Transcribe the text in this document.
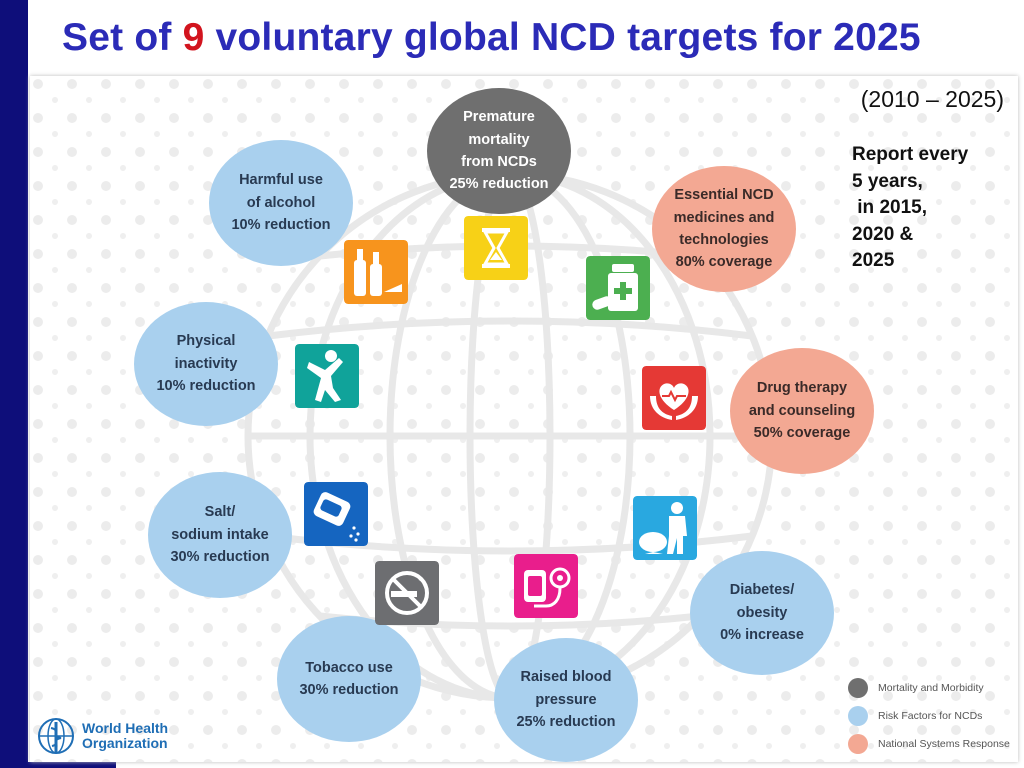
Set of 9 voluntary global NCD targets for 2025
Premature
mortality
from NCDs
25% reduction
Harmful use
of alcohol
10% reduction
Essential NCD
medicines and
technologies
80% coverage
Physical
inactivity
10% reduction	Drug therapy
and counseling
50% coverage
Salt/
sodium intake
30% reduction
Diabetes/
obesity
0% increase
Tobacco use
30% reduction
Raised blood
pressure
25% reduction
(2010 – 2025)
Report every
5 years,
in 2015,
2020 &
2025
Mortality and Morbidity
Risk Factors for NCDs
National Systems Response
World Health
Organization
